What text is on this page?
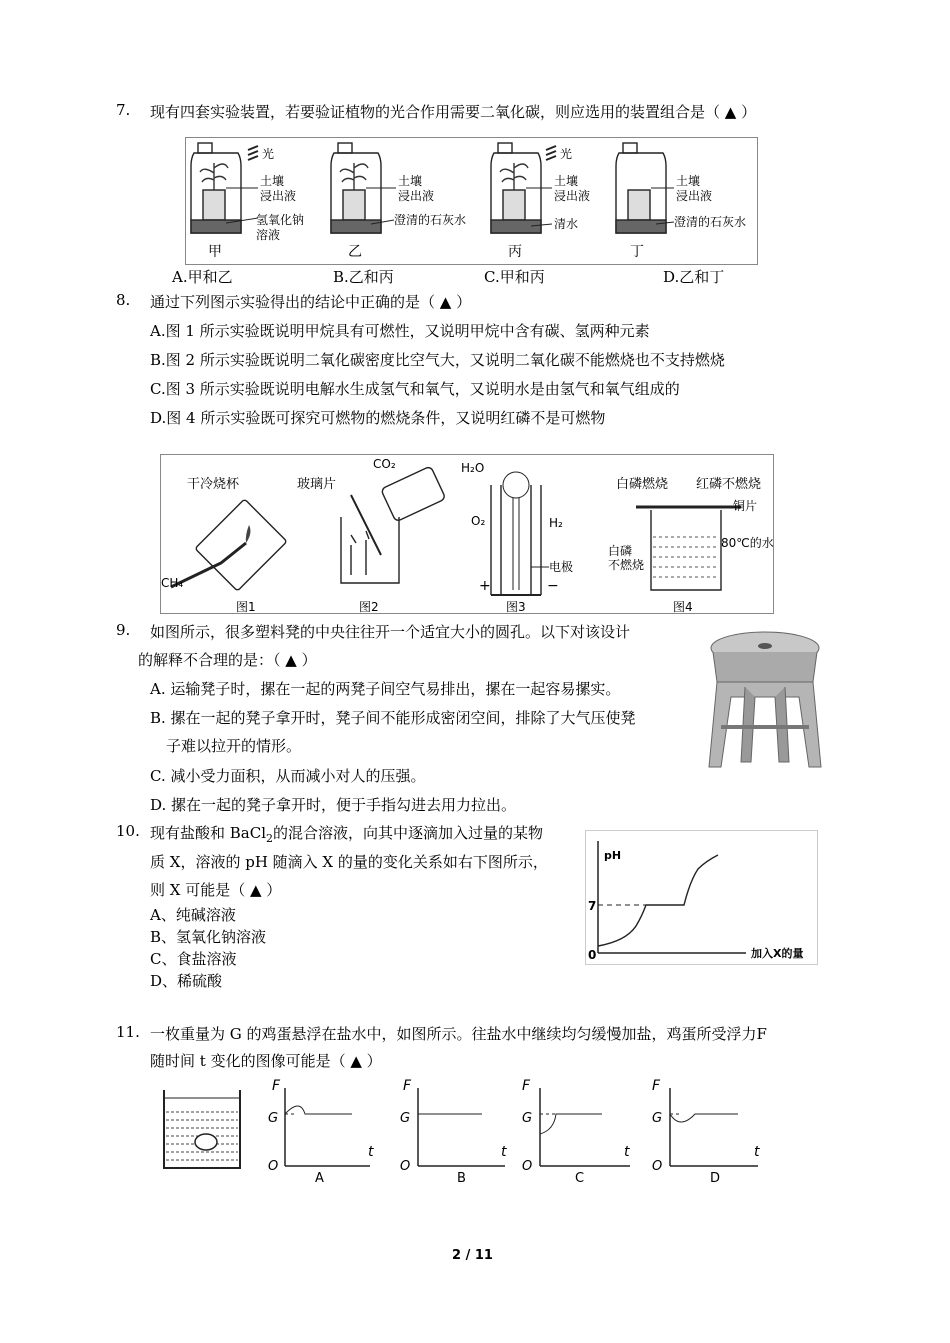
7. 现有四套实验装置，若要验证植物的光合作用需要二氧化碳，则应选用的装置组合是（ ▲ ）
光
土壤
浸出液
氢氧化钠
溶液
甲
土壤
浸出液
澄清的石灰水
乙
光
土壤
浸出液
清水
丙
土壤
浸出液
澄清的石灰水
丁
A.甲和乙	B.乙和丙	C.甲和丙	D.乙和丁
8. 通过下列图示实验得出的结论中正确的是（ ▲ ）
A.图 1 所示实验既说明甲烷具有可燃性，又说明甲烷中含有碳、氢两种元素
B.图 2 所示实验既说明二氧化碳密度比空气大，又说明二氧化碳不能燃烧也不支持燃烧
C.图 3 所示实验既说明电解水生成氢气和氧气，又说明水是由氢气和氧气组成的
D.图 4 所示实验既可探究可燃物的燃烧条件，又说明红磷不是可燃物
干冷烧杯
CH₄
图1
玻璃片
CO₂
图2
H₂O
O₂	H₂
+	−
电极
图3
白磷燃烧 红磷不燃烧
铜片
80℃的水
白磷
不燃烧
图4
9. 如图所示，很多塑料凳的中央往往开一个适宜大小的圆孔。以下对该设计
的解释不合理的是：（ ▲ ）
A. 运输凳子时，摞在一起的两凳子间空气易排出，摞在一起容易摞实。
B. 摞在一起的凳子拿开时，凳子间不能形成密闭空间，排除了大气压使凳
子难以拉开的情形。
C. 减小受力面积，从而减小对人的压强。
D. 摞在一起的凳子拿开时，便于手指勾进去用力拉出。
10. 现有盐酸和 BaCl$_2$的混合溶液，向其中逐滴加入过量的某物
质 X，溶液的 pH 随滴入 X 的量的变化关系如右下图所示，
则 X 可能是（ ▲ ）
A、纯碱溶液
B、氢氧化钠溶液
C、食盐溶液
D、稀硫酸
pH
7
0	加入X的量
11. 一枚重量为 G 的鸡蛋悬浮在盐水中，如图所示。往盐水中继续均匀缓慢加盐，鸡蛋所受浮力F
随时间 t 变化的图像可能是（ ▲ ）
F
G
O
t
A
F
G
O
t
B
F
G
O
t
C
F
G
O
t
D
2 / 11
